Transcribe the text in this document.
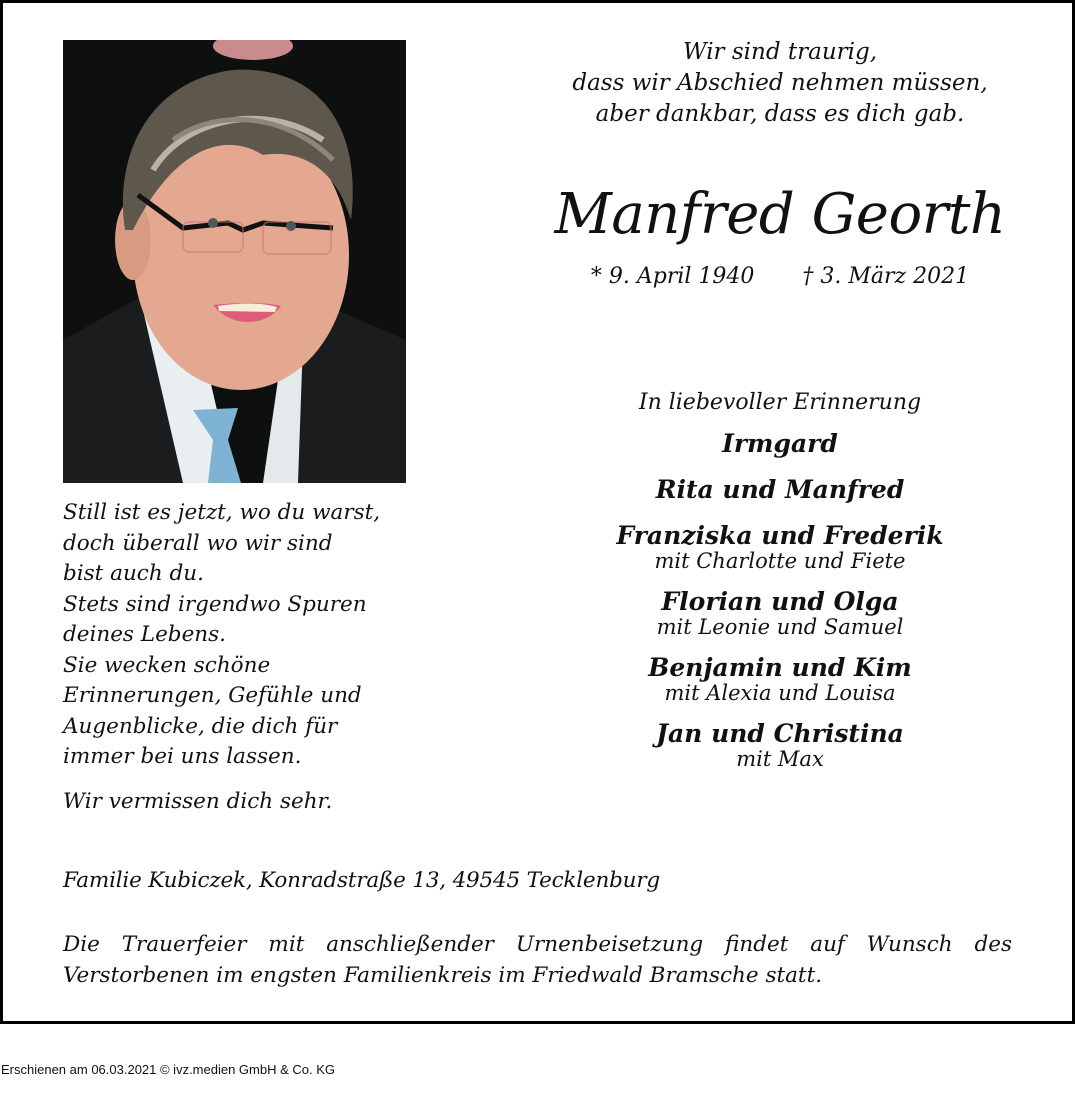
Wir sind traurig,
dass wir Abschied nehmen müssen,
aber dankbar, dass es dich gab.
Manfred Georth
* 9. April 1940 † 3. März 2021
In liebevoller Erinnerung
Irmgard
Rita und Manfred
Franziska und Frederik
mit Charlotte und Fiete
Florian und Olga
mit Leonie und Samuel
Benjamin und Kim
mit Alexia und Louisa
Jan und Christina
mit Max
Still ist es jetzt, wo du warst,
doch überall wo wir sind
bist auch du.
Stets sind irgendwo Spuren
deines Lebens.
Sie wecken schöne
Erinnerungen, Gefühle und
Augenblicke, die dich für
immer bei uns lassen.
Wir vermissen dich sehr.
Familie Kubiczek, Konradstraße 13, 49545 Tecklenburg
Die Trauerfeier mit anschließender Urnenbeisetzung findet auf Wunsch des Verstorbenen im engsten Familienkreis im Friedwald Bramsche statt.
Erschienen am 06.03.2021 © ivz.medien GmbH & Co. KG
